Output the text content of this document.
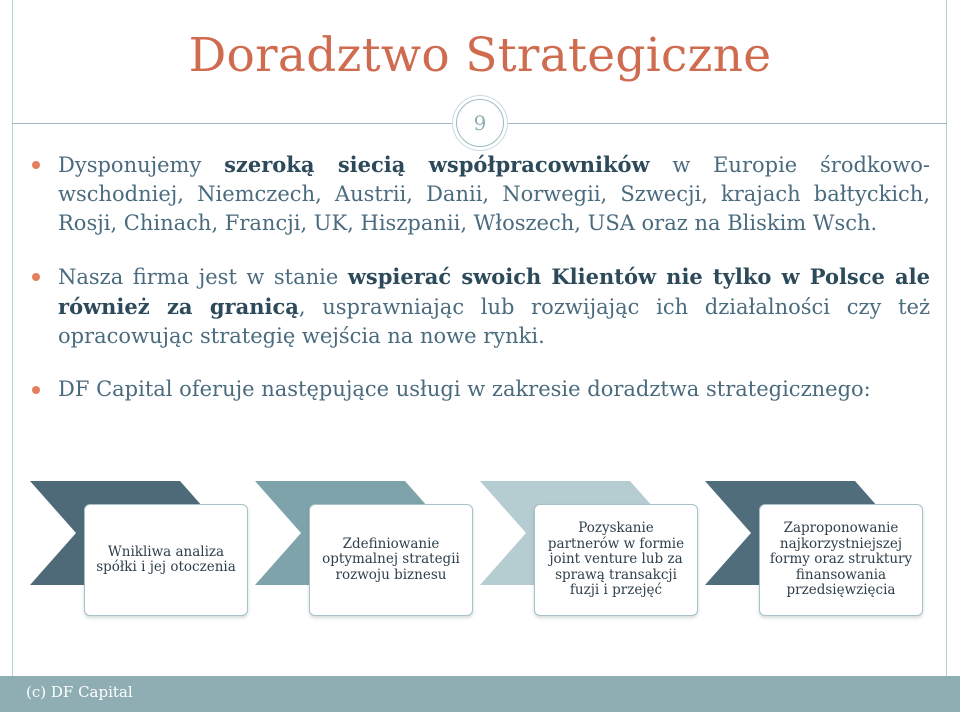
Doradztwo Strategiczne
9
Dysponujemy szeroką siecią współpracowników w Europie środkowo-wschodniej, Niemczech, Austrii, Danii, Norwegii, Szwecji, krajach bałtyckich, Rosji, Chinach, Francji, UK, Hiszpanii, Włoszech, USA oraz na Bliskim Wsch.
Nasza firma jest w stanie wspierać swoich Klientów nie tylko w Polsce ale również za granicą, usprawniając lub rozwijając ich działalności czy też opracowując strategię wejścia na nowe rynki.
DF Capital oferuje następujące usługi w zakresie doradztwa strategicznego:
Wnikliwa analiza spółki i jej otoczenia
Zdefiniowanie optymalnej strategii rozwoju biznesu
Pozyskanie partnerów w formie joint venture lub za sprawą transakcji fuzji i przejęć
Zaproponowanie najkorzystniejszej formy oraz struktury finansowania przedsięwzięcia
(c) DF Capital
